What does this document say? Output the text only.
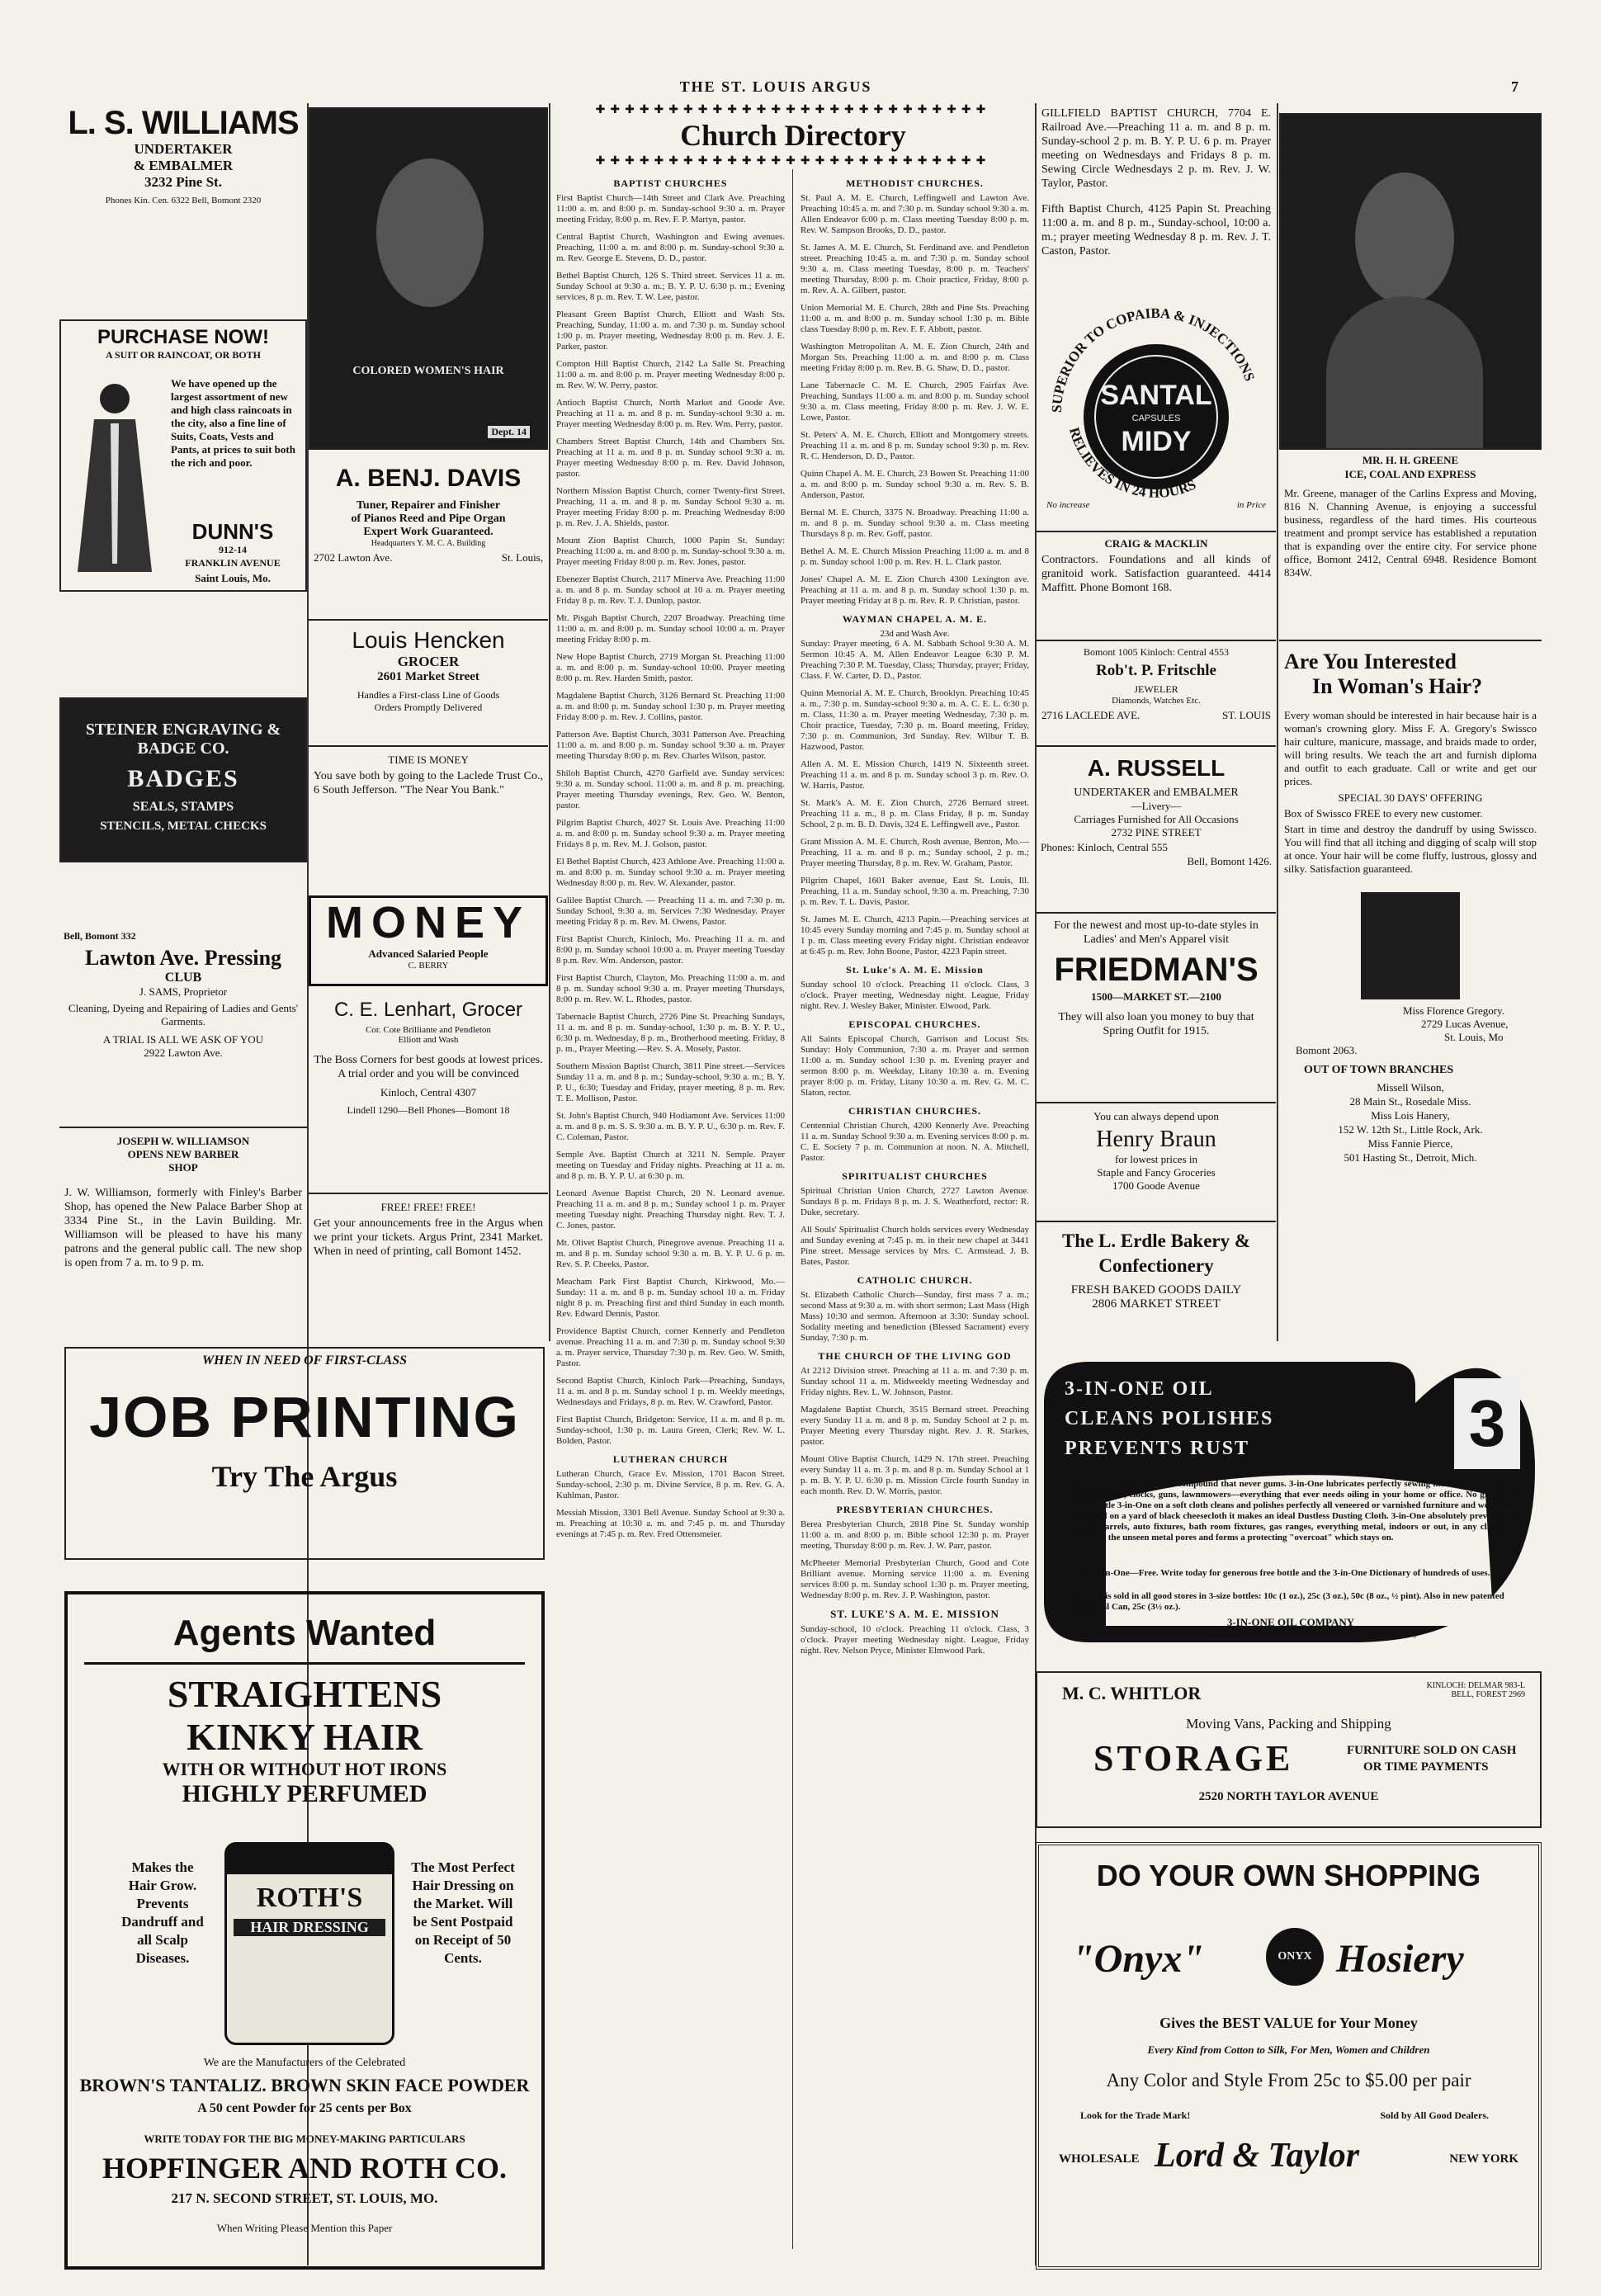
THE ST. LOUIS ARGUS	7
L. S. WILLIAMS
UNDERTAKER
& EMBALMER
3232 Pine St.
Phones Kin. Cen. 6322 Bell, Bomont 2320
PURCHASE NOW!
A SUIT OR RAINCOAT, OR BOTH
We have opened up the largest assortment of new and high class raincoats in the city, also a fine line of Suits, Coats, Vests and Pants, at prices to suit both the rich and poor.
DUNN'S
912-14
FRANKLIN AVENUE
Saint Louis, Mo.
STEINER ENGRAVING & BADGE CO.
BADGES
SEALS, STAMPS
STENCILS, METAL CHECKS
Bell, Bomont 332
Lawton Ave. Pressing
CLUB
J. SAMS, Proprietor
Cleaning, Dyeing and Repairing of Ladies and Gents' Garments.
A TRIAL IS ALL WE ASK OF YOU
2922 Lawton Ave.
JOSEPH W. WILLIAMSON
OPENS NEW BARBER
SHOP
J. W. Williamson, formerly with Finley's Barber Shop, has opened the New Palace Barber Shop at 3334 Pine St., in the Lavin Building. Mr. Williamson will be pleased to have his many patrons and the general public call. The new shop is open from 7 a. m. to 9 p. m.
COLORED WOMEN'S HAIR
Dept. 14
A. BENJ. DAVIS
Tuner, Repairer and Finisher
of Pianos Reed and Pipe Organ
Expert Work Guaranteed.
Headquarters Y. M. C. A. Building
2702 Lawton Ave.	St. Louis,
Louis Hencken
GROCER
2601 Market Street
Handles a First-class Line of Goods
Orders Promptly Delivered
TIME IS MONEY
You save both by going to the Laclede Trust Co., 6 South Jefferson. "The Near You Bank."
MONEY
Advanced Salaried People
C. BERRY
C. E. Lenhart, Grocer
Cor. Cote Brilliante and Pendleton
Elliott and Wash
The Boss Corners for best goods at lowest prices. A trial order and you will be convinced
Kinloch, Central 4307
Lindell 1290—Bell Phones—Bomont 18
FREE! FREE! FREE!
Get your announcements free in the Argus when we print your tickets. Argus Print, 2341 Market. When in need of printing, call Bomont 1452.
WHEN IN NEED OF FIRST-CLASS
JOB PRINTING
Try The Argus
Agents Wanted
STRAIGHTENS
KINKY HAIR
WITH OR WITHOUT HOT IRONS
HIGHLY PERFUMED
Makes the Hair Grow. Prevents Dandruff and all Scalp Diseases.
The Most Perfect Hair Dressing on the Market. Will be Sent Postpaid on Receipt of 50 Cents.
ROTH'S
HAIR DRESSING
We are the Manufacturers of the Celebrated
BROWN'S TANTALIZ. BROWN SKIN FACE POWDER
A 50 cent Powder for 25 cents per Box
WRITE TODAY FOR THE BIG MONEY-MAKING PARTICULARS
HOPFINGER AND ROTH CO.
217 N. SECOND STREET, ST. LOUIS, MO.
When Writing Please Mention this Paper
✚✚✚✚✚✚✚✚✚✚✚✚✚✚✚✚✚✚✚✚✚✚✚✚✚✚✚
Church Directory
✚✚✚✚✚✚✚✚✚✚✚✚✚✚✚✚✚✚✚✚✚✚✚✚✚✚✚
BAPTIST CHURCHES
First Baptist Church—14th Street and Clark Ave. Preaching 11:00 a. m. and 8:00 p. m. Sunday-school 9:30 a. m. Prayer meeting Friday, 8:00 p. m. Rev. F. P. Martyn, pastor.
Central Baptist Church, Washington and Ewing avenues. Preaching, 11:00 a. m. and 8:00 p. m. Sunday-school 9:30 a. m. Rev. George E. Stevens, D. D., pastor.
Bethel Baptist Church, 126 S. Third street. Services 11 a. m. Sunday School at 9:30 a. m.; B. Y. P. U. 6:30 p. m.; Evening services, 8 p. m. Rev. T. W. Lee, pastor.
Pleasant Green Baptist Church, Elliott and Wash Sts. Preaching, Sunday, 11:00 a. m. and 7:30 p. m. Sunday school 1:00 p. m. Prayer meeting, Wednesday 8:00 p. m. Rev. J. E. Parker, pastor.
Compton Hill Baptist Church, 2142 La Salle St. Preaching 11:00 a. m. and 8:00 p. m. Prayer meeting Wednesday 8:00 p. m. Rev. W. W. Perry, pastor.
Antioch Baptist Church, North Market and Goode Ave. Preaching at 11 a. m. and 8 p. m. Sunday-school 9:30 a. m. Prayer meeting Wednesday 8:00 p. m. Rev. Wm. Perry, pastor.
Chambers Street Baptist Church, 14th and Chambers Sts. Preaching at 11 a. m. and 8 p. m. Sunday school 9:30 a. m. Prayer meeting Wednesday 8:00 p. m. Rev. David Johnson, pastor.
Northern Mission Baptist Church, corner Twenty-first Street. Preaching, 11 a. m. and 8 p. m. Sunday School 9:30 a. m. Prayer meeting Friday 8:00 p. m. Preaching Wednesday 8:00 p. m. Rev. J. A. Shields, pastor.
Mount Zion Baptist Church, 1000 Papin St. Sunday: Preaching 11:00 a. m. and 8:00 p. m. Sunday-school 9:30 a. m. Prayer meeting Friday 8:00 p. m. Rev. Jones, pastor.
Ebenezer Baptist Church, 2117 Minerva Ave. Preaching 11:00 a. m. and 8 p. m. Sunday school at 10 a. m. Prayer meeting Friday 8 p. m. Rev. T. J. Dunlop, pastor.
Mt. Pisgah Baptist Church, 2207 Broadway. Preaching time 11:00 a. m. and 8:00 p. m. Sunday school 10:00 a. m. Prayer meeting Friday 8:00 p. m.
New Hope Baptist Church, 2719 Morgan St. Preaching 11:00 a. m. and 8:00 p. m. Sunday-school 10:00. Prayer meeting 8:00 p. m. Rev. Harden Smith, pastor.
Magdalene Baptist Church, 3126 Bernard St. Preaching 11:00 a. m. and 8:00 p. m. Sunday school 1:30 p. m. Prayer meeting Friday 8:00 p. m. Rev. J. Collins, pastor.
Patterson Ave. Baptist Church, 3031 Patterson Ave. Preaching 11:00 a. m. and 8:00 p. m. Sunday school 9:30 a. m. Prayer meeting Thursday 8:00 p. m. Rev. Charles Wilson, pastor.
Shiloh Baptist Church, 4270 Garfield ave. Sunday services: 9:30 a. m. Sunday school. 11:00 a. m. and 8 p. m. preaching. Prayer meeting Thursday evenings, Rev. Geo. W. Benton, pastor.
Pilgrim Baptist Church, 4027 St. Louis Ave. Preaching 11:00 a. m. and 8:00 p. m. Sunday school 9:30 a. m. Prayer meeting Fridays 8 p. m. Rev. M. J. Golson, pastor.
El Bethel Baptist Church, 423 Athlone Ave. Preaching 11:00 a. m. and 8:00 p. m. Sunday school 9:30 a. m. Prayer meeting Wednesday 8:00 p. m. Rev. W. Alexander, pastor.
Galilee Baptist Church. — Preaching 11 a. m. and 7:30 p. m. Sunday School, 9:30 a. m. Services 7:30 Wednesday. Prayer meeting Friday 8 p. m. Rev. M. Owens, Pastor.
First Baptist Church, Kinloch, Mo. Preaching 11 a. m. and 8:00 p. m. Sunday school 10:00 a. m. Prayer meeting Tuesday 8 p.m. Rev. Wm. Anderson, pastor.
First Baptist Church, Clayton, Mo. Preaching 11:00 a. m. and 8 p. m. Sunday school 9:30 a. m. Prayer meeting Thursdays, 8:00 p. m. Rev. W. L. Rhodes, pastor.
Tabernacle Baptist Church, 2726 Pine St. Preaching Sundays, 11 a. m. and 8 p. m. Sunday-school, 1:30 p. m. B. Y. P. U., 6:30 p. m. Wednesday, 8 p. m., Brotherhood meeting. Friday, 8 p. m., Prayer Meeting.—Rev. S. A. Mosely, Pastor.
Southern Mission Baptist Church, 3811 Pine street.—Services Sunday 11 a. m. and 8 p. m.; Sunday-school, 9:30 a. m.; B. Y. P. U., 6:30; Tuesday and Friday, prayer meeting, 8 p. m. Rev. T. E. Mollison, Pastor.
St. John's Baptist Church, 940 Hodiamont Ave. Services 11:00 a. m. and 8 p. m. S. S. 9:30 a. m. B. Y. P. U., 6:30 p. m. Rev. F. C. Coleman, Pastor.
Semple Ave. Baptist Church at 3211 N. Semple. Prayer meeting on Tuesday and Friday nights. Preaching at 11 a. m. and 8 p. m. B. Y. P. U. at 6:30 p. m.
Leonard Avenue Baptist Church, 20 N. Leonard avenue. Preaching 11 a. m. and 8 p. m.; Sunday school 1 p. m. Prayer meeting Tuesday night. Preaching Thursday night. Rev. T. J. C. Jones, pastor.
Mt. Olivet Baptist Church, Pinegrove avenue. Preaching 11 a. m. and 8 p. m. Sunday school 9:30 a. m. B. Y. P. U. 6 p. m. Rev. S. P. Cheeks, Pastor.
Meacham Park First Baptist Church, Kirkwood, Mo.—Sunday: 11 a. m. and 8 p. m. Sunday school 10 a. m. Friday night 8 p. m. Preaching first and third Sunday in each month. Rev. Edward Dennis, Pastor.
Providence Baptist Church, corner Kennerly and Pendleton avenue. Preaching 11 a. m. and 7:30 p. m. Sunday school 9:30 a. m. Prayer service, Thursday 7:30 p. m. Rev. Geo. W. Smith, Pastor.
Second Baptist Church, Kinloch Park—Preaching, Sundays, 11 a. m. and 8 p. m. Sunday school 1 p. m. Weekly meetings, Wednesdays and Fridays, 8 p. m. Rev. W. Crawford, Pastor.
First Baptist Church, Bridgeton: Service, 11 a. m. and 8 p. m. Sunday-school, 1:30 p. m. Laura Green, Clerk; Rev. W. L. Bolden, Pastor.
LUTHERAN CHURCH
Lutheran Church, Grace Ev. Mission, 1701 Bacon Street. Sunday-school, 2:30 p. m. Divine Service, 8 p. m. Rev. G. A. Kuhlman, Pastor.
Messiah Mission, 3301 Bell Avenue. Sunday School at 9:30 a. m. Preaching at 10:30 a. m. and 7:45 p. m. and Thursday evenings at 7:45 p. m. Rev. Fred Ottensmeier.
METHODIST CHURCHES.
St. Paul A. M. E. Church, Leffingwell and Lawton Ave. Preaching 10:45 a. m. and 7:30 p. m. Sunday school 9:30 a. m. Allen Endeavor 6:00 p. m. Class meeting Tuesday 8:00 p. m. Rev. W. Sampson Brooks, D. D., pastor.
St. James A. M. E. Church, St. Ferdinand ave. and Pendleton street. Preaching 10:45 a. m. and 7:30 p. m. Sunday school 9:30 a. m. Class meeting Tuesday, 8:00 p. m. Teachers' meeting Thursday, 8:00 p. m. Choir practice, Friday, 8:00 p. m. Rev. A. A. Gilbert, pastor.
Union Memorial M. E. Church, 28th and Pine Sts. Preaching 11:00 a. m. and 8:00 p. m. Sunday school 1:30 p. m. Bible class Tuesday 8:00 p. m. Rev. F. F. Abbott, pastor.
Washington Metropolitan A. M. E. Zion Church, 24th and Morgan Sts. Preaching 11:00 a. m. and 8:00 p. m. Class meeting Friday 8:00 p. m. Rev. B. G. Shaw, D. D., pastor.
Lane Tabernacle C. M. E. Church, 2905 Fairfax Ave. Preaching, Sundays 11:00 a. m. and 8:00 p. m. Sunday school 9:30 a. m. Class meeting, Friday 8:00 p. m. Rev. J. W. E. Lowe, Pastor.
St. Peters' A. M. E. Church, Elliott and Montgomery streets. Preaching 11 a. m. and 8 p. m. Sunday school 9:30 p. m. Rev. R. C. Henderson, D. D., Pastor.
Quinn Chapel A. M. E. Church, 23 Bowen St. Preaching 11:00 a. m. and 8:00 p. m. Sunday school 9:30 a. m. Rev. S. B. Anderson, Pastor.
Bernal M. E. Church, 3375 N. Broadway. Preaching 11:00 a. m. and 8 p. m. Sunday school 9:30 a. m. Class meeting Thursdays 8 p. m. Rev. Goff, pastor.
Bethel A. M. E. Church Mission Preaching 11:00 a. m. and 8 p. m. Sunday school 1:00 p. m. Rev. H. L. Clark pastor.
Jones' Chapel A. M. E. Zion Church 4300 Lexington ave. Preaching at 11 a. m. and 8 p. m. Sunday school 1:30 p. m. Prayer meeting Friday at 8 p. m. Rev. R. P. Christian, pastor.
WAYMAN CHAPEL A. M. E.
23d and Wash Ave.
Sunday: Prayer meeting, 6 A. M. Sabbath School 9:30 A. M. Sermon 10:45 A. M. Allen Endeavor League 6:30 P. M. Preaching 7:30 P. M. Tuesday, Class; Thursday, prayer; Friday, Class. F. W. Carter, D. D., Pastor.
Quinn Memorial A. M. E. Church, Brooklyn. Preaching 10:45 a. m., 7:30 p. m. Sunday-school 9:30 a. m. A. C. E. L. 6:30 p. m. Class, 11:30 a. m. Prayer meeting Wednesday, 7:30 p. m. Choir practice, Tuesday, 7:30 p. m. Board meeting, Friday, 7:30 p. m. Communion, 3rd Sunday. Rev. Wilbur T. B. Hazwood, Pastor.
Allen A. M. E. Mission Church, 1419 N. Sixteenth street. Preaching 11 a. m. and 8 p. m. Sunday school 3 p. m. Rev. O. W. Harris, Pastor.
St. Mark's A. M. E. Zion Church, 2726 Bernard street. Preaching 11 a. m., 8 p. m. Class Friday, 8 p. m. Sunday School, 2 p. m. B. D. Davis, 324 E. Leffingwell ave., Pastor.
Grant Mission A. M. E. Church, Rosh avenue, Benton, Mo.—Preaching, 11 a. m. and 8 p. m.; Sunday school, 2 p. m.; Prayer meeting Thursday, 8 p. m. Rev. W. Graham, Pastor.
Pilgrim Chapel, 1601 Baker avenue, East St. Louis, Ill. Preaching, 11 a. m. Sunday school, 9:30 a. m. Preaching, 7:30 p. m. Rev. T. L. Davis, Pastor.
St. James M. E. Church, 4213 Papin.—Preaching services at 10:45 every Sunday morning and 7:45 p. m. Sunday school at 1 p. m. Class meeting every Friday night. Christian endeavor at 6:45 p. m. Rev. John Boone, Pastor, 4223 Papin street.
St. Luke's A. M. E. Mission
Sunday school 10 o'clock. Preaching 11 o'clock. Class, 3 o'clock. Prayer meeting, Wednesday night. League, Friday night. Rev. J. Wesley Baker, Minister. Elwood, Park.
EPISCOPAL CHURCHES.
All Saints Episcopal Church, Garrison and Locust Sts. Sunday: Holy Communion, 7:30 a. m. Prayer and sermon 11:00 a. m. Sunday school 1:30 p. m. Evening prayer and sermon 8:00 p. m. Weekday, Litany 10:30 a. m. Evening prayer 8:00 p. m. Friday, Litany 10:30 a. m. Rev. G. M. C. Slaton, rector.
CHRISTIAN CHURCHES.
Centennial Christian Church, 4200 Kennerly Ave. Preaching 11 a. m. Sunday School 9:30 a. m. Evening services 8:00 p. m. C. E. Society 7 p. m. Communion at noon. N. A. Mitchell, Pastor.
SPIRITUALIST CHURCHES
Spiritual Christian Union Church, 2727 Lawton Avenue. Sundays 8 p. m. Fridays 8 p. m. J. S. Weatherford, rector: R. Duke, secretary.
All Souls' Spiritualist Church holds services every Wednesday and Sunday evening at 7:45 p. m. in their new chapel at 3441 Pine street. Message services by Mrs. C. Armstead. J. B. Bates, Pastor.
CATHOLIC CHURCH.
St. Elizabeth Catholic Church—Sunday, first mass 7 a. m.; second Mass at 9:30 a. m. with short sermon; Last Mass (High Mass) 10:30 and sermon. Afternoon at 3:30: Sunday school. Sodality meeting and benediction (Blessed Sacrament) every Sunday, 7:30 p. m.
THE CHURCH OF THE LIVING GOD
At 2212 Division street. Preaching at 11 a. m. and 7:30 p. m. Sunday school 11 a. m. Midweekly meeting Wednesday and Friday nights. Rev. L. W. Johnson, Pastor.
Magdalene Baptist Church, 3515 Bernard street. Preaching every Sunday 11 a. m. and 8 p. m. Sunday School at 2 p. m. Prayer Meeting every Thursday night. Rev. J. R. Starkes, pastor.
Mount Olive Baptist Church, 1429 N. 17th street. Preaching every Sunday 11 a. m. 3 p. m. and 8 p. m. Sunday School at 1 p. m. B. Y. P. U. 6:30 p. m. Mission Circle fourth Sunday in each month. Rev. D. W. Morris, pastor.
PRESBYTERIAN CHURCHES.
Berea Presbyterian Church, 2818 Pine St. Sunday worship 11:00 a. m. and 8:00 p. m. Bible school 12:30 p. m. Prayer meeting, Thursday 8:00 p. m. Rev. J. W. Parr, pastor.
McPheeter Memorial Presbyterian Church, Good and Cote Brilliant avenue. Morning service 11:00 a. m. Evening services 8:00 p. m. Sunday school 1:30 p. m. Prayer meeting, Wednesday 8:00 p. m. Rev. J. P. Washington, pastor.
ST. LUKE'S A. M. E. MISSION
Sunday-school, 10 o'clock. Preaching 11 o'clock. Class, 3 o'clock. Prayer meeting Wednesday night. League, Friday night. Rev. Nelson Pryce, Minister Elmwood Park.
GILLFIELD BAPTIST CHURCH, 7704 E. Railroad Ave.—Preaching 11 a. m. and 8 p. m. Sunday-school 2 p. m. B. Y. P. U. 6 p. m. Prayer meeting on Wednesdays and Fridays 8 p. m. Sewing Circle Wednesdays 2 p. m. Rev. J. W. Taylor, Pastor.
Fifth Baptist Church, 4125 Papin St. Preaching 11:00 a. m. and 8 p. m., Sunday-school, 10:00 a. m.; prayer meeting Wednesday 8 p. m. Rev. J. T. Caston, Pastor.
SUPERIOR TO COPAIBA & INJECTIONS
RELIEVES IN 24 HOURS
SANTAL
CAPSULES
MIDY
No increase	in Price
CRAIG & MACKLIN
Contractors. Foundations and all kinds of granitoid work. Satisfaction guaranteed. 4414 Maffitt. Phone Bomont 168.
Bomont 1005 Kinloch: Central 4553
Rob't. P. Fritschle
JEWELER
Diamonds, Watches Etc.
2716 LACLEDE AVE.	ST. LOUIS
A. RUSSELL
UNDERTAKER and EMBALMER
—Livery—
Carriages Furnished for All Occasions
2732 PINE STREET
Phones: Kinloch, Central 555
Bell, Bomont 1426.
For the newest and most up-to-date styles in Ladies' and Men's Apparel visit
FRIEDMAN'S
1500—MARKET ST.—2100
They will also loan you money to buy that Spring Outfit for 1915.
You can always depend upon
Henry Braun
for lowest prices in
Staple and Fancy Groceries
1700 Goode Avenue
The L. Erdle Bakery & Confectionery
FRESH BAKED GOODS DAILY
2806 MARKET STREET
MR. H. H. GREENE
ICE, COAL AND EXPRESS
Mr. Greene, manager of the Carlins Express and Moving, 816 N. Channing Avenue, is enjoying a successful business, regardless of the hard times. His courteous treatment and prompt service has established a reputation that is expanding over the entire city. For service phone office, Bomont 2412, Central 6948. Residence Bomont 834W.
Are You Interested
In Woman's Hair?
Every woman should be interested in hair because hair is a woman's crowning glory. Miss F. A. Gregory's Swissco hair culture, manicure, massage, and braids made to order, will bring results. We teach the art and furnish diploma and outfit to each graduate. Call or write and get our prices.
SPECIAL 30 DAYS' OFFERING
Box of Swissco FREE to every new customer.
Start in time and destroy the dandruff by using Swissco. You will find that all itching and digging of scalp will stop at once. Your hair will be come fluffy, lustrous, glossy and silky. Satisfaction guaranteed.
Miss Florence Gregory.
2729 Lucas Avenue,
St. Louis, Mo
Bomont 2063.
OUT OF TOWN BRANCHES
Missell Wilson,
28 Main St., Rosedale Miss.
Miss Lois Hanery,
152 W. 12th St., Little Rock, Ark.
Miss Fannie Pierce,
501 Hasting St., Detroit, Mich.
3-IN-ONE OIL
CLEANS POLISHES
PREVENTS RUST	3
3-in-One is a light, pure oil compound that never gums. 3-in-One lubricates perfectly sewing machines, typewriters, bicycles, locks, clocks, guns, lawnmowers—everything that ever needs oiling in your home or office. No grease. No acid. A little 3-in-One on a soft cloth cleans and polishes perfectly all veneered or varnished furniture and woodwork. Sprinkled on a yard of black cheesecloth it makes an ideal Dustless Dusting Cloth. 3-in-One absolutely prevents rust on gun barrels, auto fixtures, bath room fixtures, gas ranges, everything metal, indoors or out, in any climate. It sinks into the unseen metal pores and forms a protecting "overcoat" which stays on.
Free—3-in-One—Free. Write today for generous free bottle and the 3-in-One Dictionary of hundreds of uses.
3-in-One is sold in all good stores in 3-size bottles: 10c (1 oz.), 25c (3 oz.), 50c (8 oz., ½ pint). Also in new patented Handy Oil Can, 25c (3½ oz.).
3-IN-ONE OIL COMPANY
42 DA Broadway	New York City
M. C. WHITLOR	KINLOCH: DELMAR 983-L
BELL, FOREST 2969
Moving Vans, Packing and Shipping
STORAGE	FURNITURE SOLD ON CASH
OR TIME PAYMENTS
2520 NORTH TAYLOR AVENUE
DO YOUR OWN SHOPPING
"Onyx"	ONYX Hosiery
Gives the BEST VALUE for Your Money
Every Kind from Cotton to Silk, For Men, Women and Children
Any Color and Style From 25c to $5.00 per pair
Look for the Trade Mark!	Sold by All Good Dealers.
WHOLESALE Lord & Taylor	NEW YORK
